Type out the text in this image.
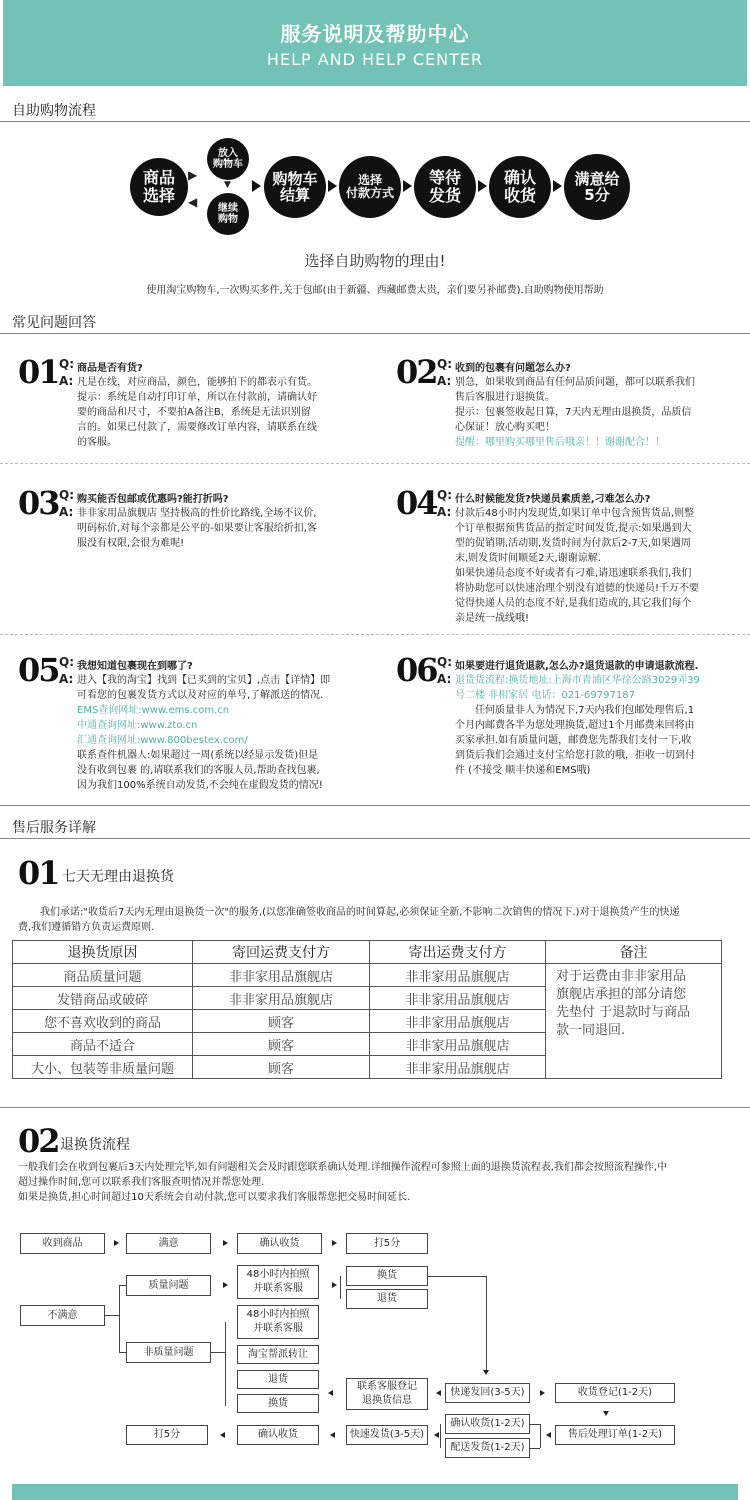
服务说明及帮助中心
HELP AND HELP CENTER
自助购物流程
商品
选择
放入
购物车
继续
购物
▶
◀
▼	购物车
结算
选择
付款方式
等待
发货
确认
收货
满意给
5分
选择自助购物的理由!
使用淘宝购物车,一次购买多件,关于包邮(由于新疆、西藏邮费太贵，亲们要另补邮费).自助购物使用帮助
常见问题回答
01 Q:
A:
商品是否有货?

凡是在线，对应商品，颜色，能够拍下的都表示有货。

提示：系统是自动打印订单，所以在付款前，请确认好

要的商品和尺寸，不要拍A备注B，系统是无法识别留

言的。如果已付款了，需要修改订单内容，请联系在线

的客服。

02 Q:
A:
收到的包裹有问题怎么办?

别急，如果收到商品有任何品质问题，都可以联系我们

售后客服进行退换货。

提示：包裹签收起日算，7天内无理由退换货，品质信

心保证！放心购买吧！

提醒：哪里购买哪里售后哦亲！！谢谢配合！！

03 Q:
A:
购买能否包邮或优惠吗?能打折吗?

非非家用品旗舰店 坚持极高的性价比路线,全场不议价,

明码标价,对每个亲都是公平的-如果要让客服给折扣,客

服没有权限,会很为难呢!

04 Q:
A:
什么时候能发货?快递员素质差,刁难怎么办?

付款后48小时内发现货,如果订单中包含预售货品,则整

个订单根据预售货品的指定时间发货,提示:如果遇到大

型的促销期,活动期,发货时间为付款后2-7天,如果遇周

末,则发货时间顺延2天,谢谢谅解.

如果快递员态度不好或者有刁难,请迅速联系我们,我们

将协助您可以快速治理个别没有道德的快递员!千万不要

觉得快递人员的态度不好,是我们造成的,其它我们每个

亲是统一战线哦!

05 Q:
A:
我想知道包裹现在到哪了?

进入【我的淘宝】找到【已买到的宝贝】,点击【详情】即

可看您的包裹发货方式以及对应的单号,了解派送的情况.

EMS查询网址:www.ems.com.cn

中通查询网址:www.zto.cn

汇通查询网址:www.800bestex.com/

联系查件机器人:如果超过一周(系统以经显示发货)但是

没有收到包裹 的,请联系我们的客服人员,帮助查找包裹,

因为我们100%系统自动发货,不会纯在虚假发货的情况!

06 Q:
A:
如果要进行退货退款,怎么办?退货退款的申请退款流程.

退货货流程:换货地址:上海市青浦区华徐公路3029弄39

号二楼 非相家居 电话：021-69797187

任何质量非人为情况下,7天内我们包邮处理售后,1

个月内邮费各半为您处理换货,超过1个月邮费来回将由

买家承担.如有质量问题，邮费您先帮我们支付一下,收

到货后我们会通过支付宝给您打款的哦，拒收一切到付

件 (不接受 顺丰快递和EMS哦)

售后服务详解
01 七天无理由退换货

我们承诺:"收货后7天内无理由退换货一次"的服务,(以您准确签收商品的时间算起,必须保证全新,不影响二次销售的情况下.)对于退换货产生的快递

费,我们遵循错方负责运费原则.

退换货原因	寄回运费支付方	寄出运费支付方	备注
商品质量问题	非非家用品旗舰店	非非家用品旗舰店	对于运费由非非家用品
旗舰店承担的部分请您
先垫付 于退款时与商品
款一同退回.

发错商品或破碎	非非家用品旗舰店	非非家用品旗舰店	
您不喜欢收到的商品	顾客	非非家用品旗舰店	
商品不适合	顾客	非非家用品旗舰店	
大小、包装等非质量问题	顾客	非非家用品旗舰店	
02 退换货流程

一般我们会在收到包裹后3天内处理完毕,如有问题相关会及时跟您联系确认处理.详细操作流程可参照上面的退换货流程表,我们都会按照流程操作,中

超过操作时间,您可以联系我们客服查明情况并帮您处理.

如果是换货,担心时间超过10天系统会自动付款,您可以要求我们客服帮您把交易时间延长.

收到商品	满意	确认收货	打5分
不满意
质量问题
非质量问题
48小时内拍照
并联系客服
换货
退货
48小时内拍照
并联系客服
淘宝帮派转让
退货
换货
联系客服登记
退换货信息
快递发回(3-5天)	收货登记(1-2天)
打5分	确认收货	快速发货(3-5天)
确认收货(1-2天)
配送发货(1-2天)
售后处理订单(1-2天)
